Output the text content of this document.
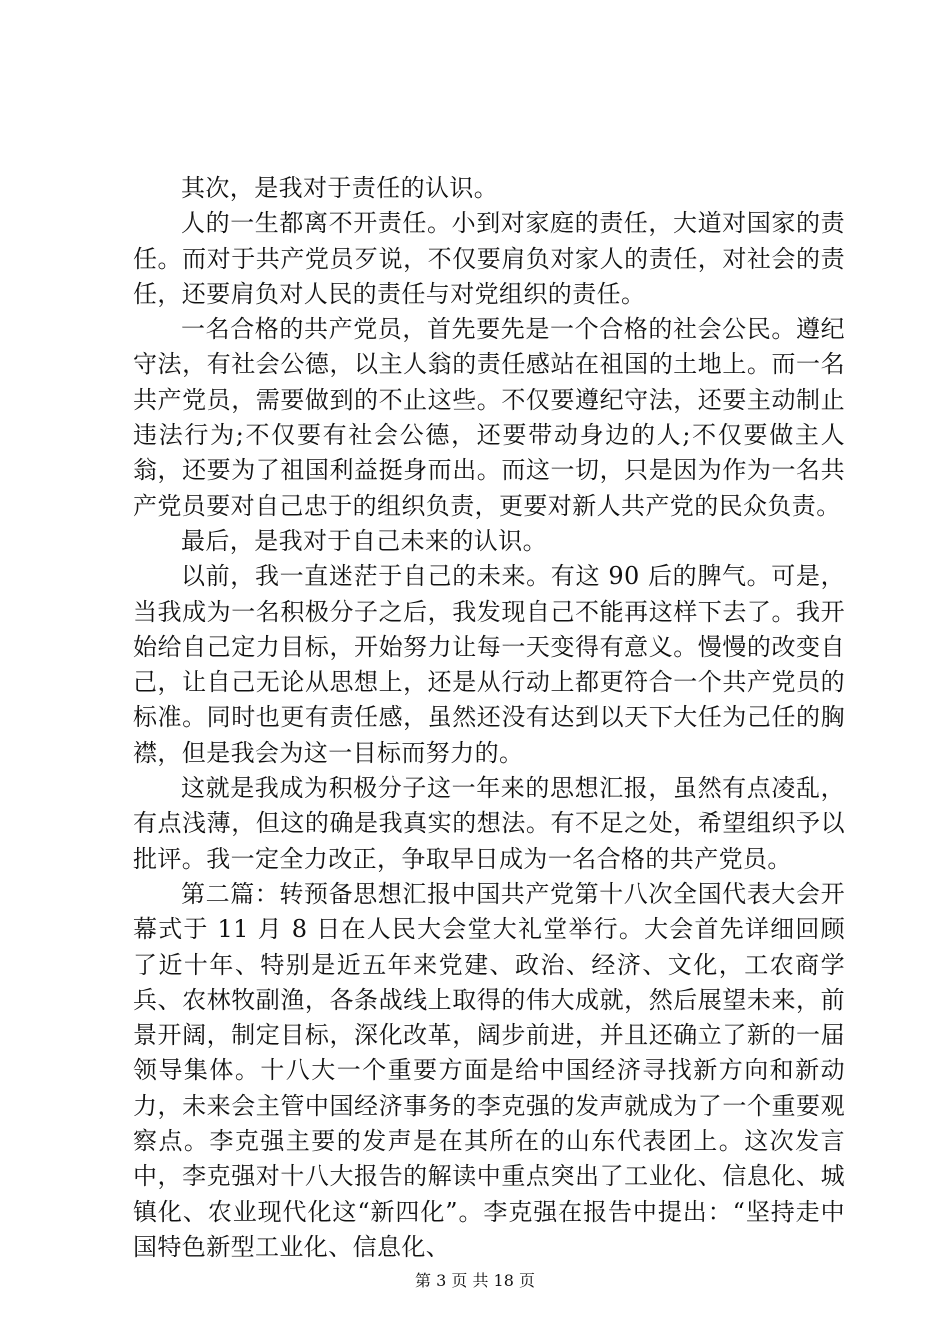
其次，是我对于责任的认识。

人的一生都离不开责任。小到对家庭的责任，大道对国家的责任。而对于共产党员歹说，不仅要肩负对家人的责任，对社会的责任，还要肩负对人民的责任与对党组织的责任。

一名合格的共产党员，首先要先是一个合格的社会公民。遵纪守法，有社会公德，以主人翁的责任感站在祖国的土地上。而一名共产党员，需要做到的不止这些。不仅要遵纪守法，还要主动制止违法行为;不仅要有社会公德，还要带动身边的人;不仅要做主人翁，还要为了祖国利益挺身而出。而这一切，只是因为作为一名共产党员要对自己忠于的组织负责，更要对新人共产党的民众负责。

最后，是我对于自己未来的认识。

以前，我一直迷茫于自己的未来。有这 90 后的脾气。可是，当我成为一名积极分子之后，我发现自己不能再这样下去了。我开始给自己定力目标，开始努力让每一天变得有意义。慢慢的改变自己，让自己无论从思想上，还是从行动上都更符合一个共产党员的标准。同时也更有责任感，虽然还没有达到以天下大任为己任的胸襟，但是我会为这一目标而努力的。

这就是我成为积极分子这一年来的思想汇报，虽然有点凌乱，有点浅薄，但这的确是我真实的想法。有不足之处，希望组织予以批评。我一定全力改正，争取早日成为一名合格的共产党员。

第二篇：转预备思想汇报中国共产党第十八次全国代表大会开幕式于 11 月 8 日在人民大会堂大礼堂举行。大会首先详细回顾了近十年、特别是近五年来党建、政治、经济、文化，工农商学兵、农林牧副渔，各条战线上取得的伟大成就，然后展望未来，前景开阔，制定目标，深化改革，阔步前进，并且还确立了新的一届领导集体。十八大一个重要方面是给中国经济寻找新方向和新动力，未来会主管中国经济事务的李克强的发声就成为了一个重要观察点。李克强主要的发声是在其所在的山东代表团上。这次发言中，李克强对十八大报告的解读中重点突出了工业化、信息化、城镇化、农业现代化这“新四化”。李克强在报告中提出：“坚持走中国特色新型工业化、信息化、

第 3 页 共 18 页
